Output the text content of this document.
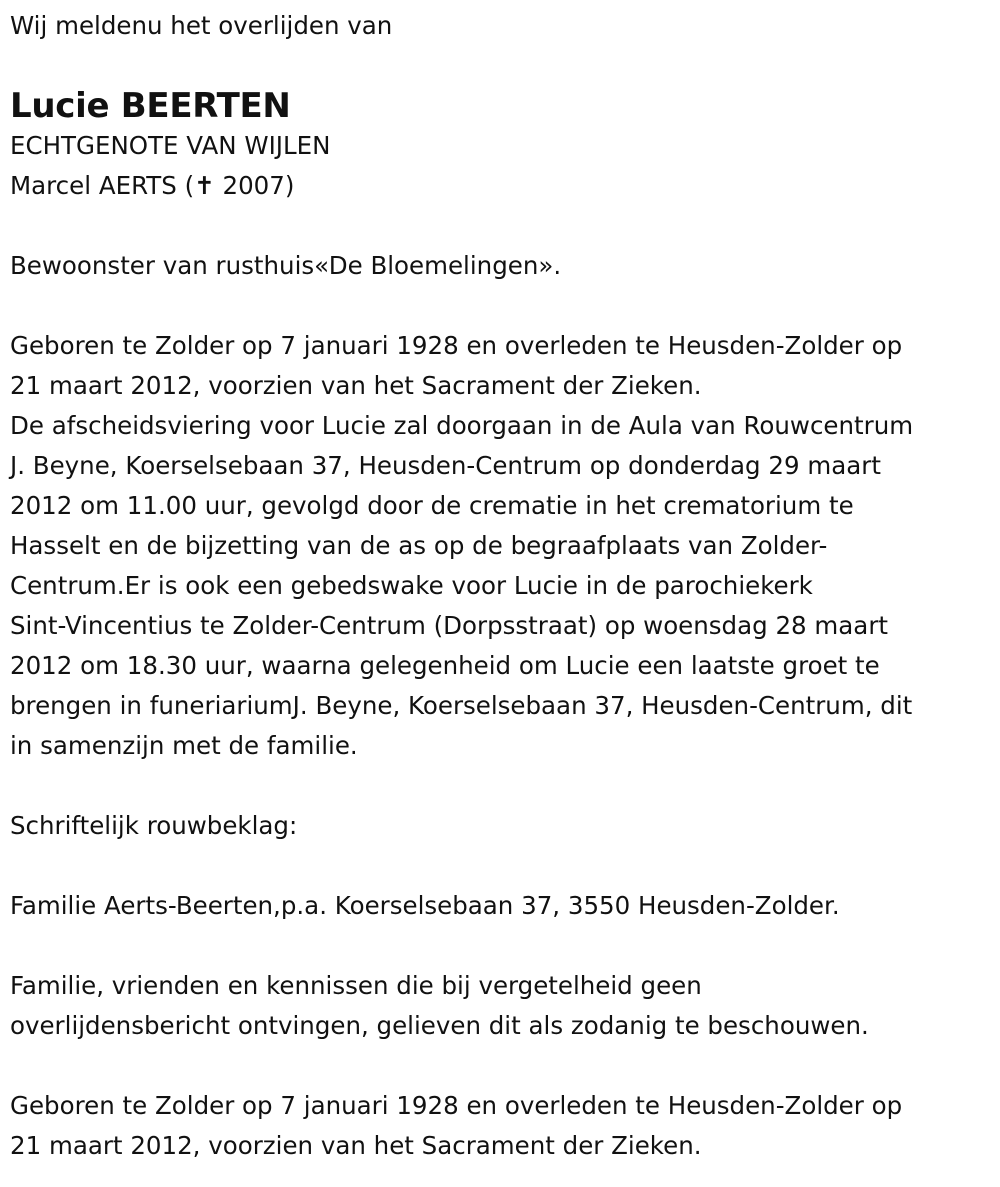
Wij meldenu het overlijden van

Lucie BEERTEN

ECHTGENOTE VAN WIJLEN

Marcel AERTS (✝ 2007)

Bewoonster van rusthuis«De Bloemelingen».

Geboren te Zolder op 7 januari 1928 en overleden te Heusden-Zolder op

21 maart 2012, voorzien van het Sacrament der Zieken.

De afscheidsviering voor Lucie zal doorgaan in de Aula van Rouwcentrum

J. Beyne, Koerselsebaan 37, Heusden-Centrum op donderdag 29 maart

2012 om 11.00 uur, gevolgd door de crematie in het crematorium te

Hasselt en de bijzetting van de as op de begraafplaats van Zolder-

Centrum.Er is ook een gebedswake voor Lucie in de parochiekerk

Sint-Vincentius te Zolder-Centrum (Dorpsstraat) op woensdag 28 maart

2012 om 18.30 uur, waarna gelegenheid om Lucie een laatste groet te

brengen in funeriariumJ. Beyne, Koerselsebaan 37, Heusden-Centrum, dit

in samenzijn met de familie.

Schriftelijk rouwbeklag:

Familie Aerts-Beerten,p.a. Koerselsebaan 37, 3550 Heusden-Zolder.

Familie, vrienden en kennissen die bij vergetelheid geen

overlijdensbericht ontvingen, gelieven dit als zodanig te beschouwen.

Geboren te Zolder op 7 januari 1928 en overleden te Heusden-Zolder op

21 maart 2012, voorzien van het Sacrament der Zieken.
